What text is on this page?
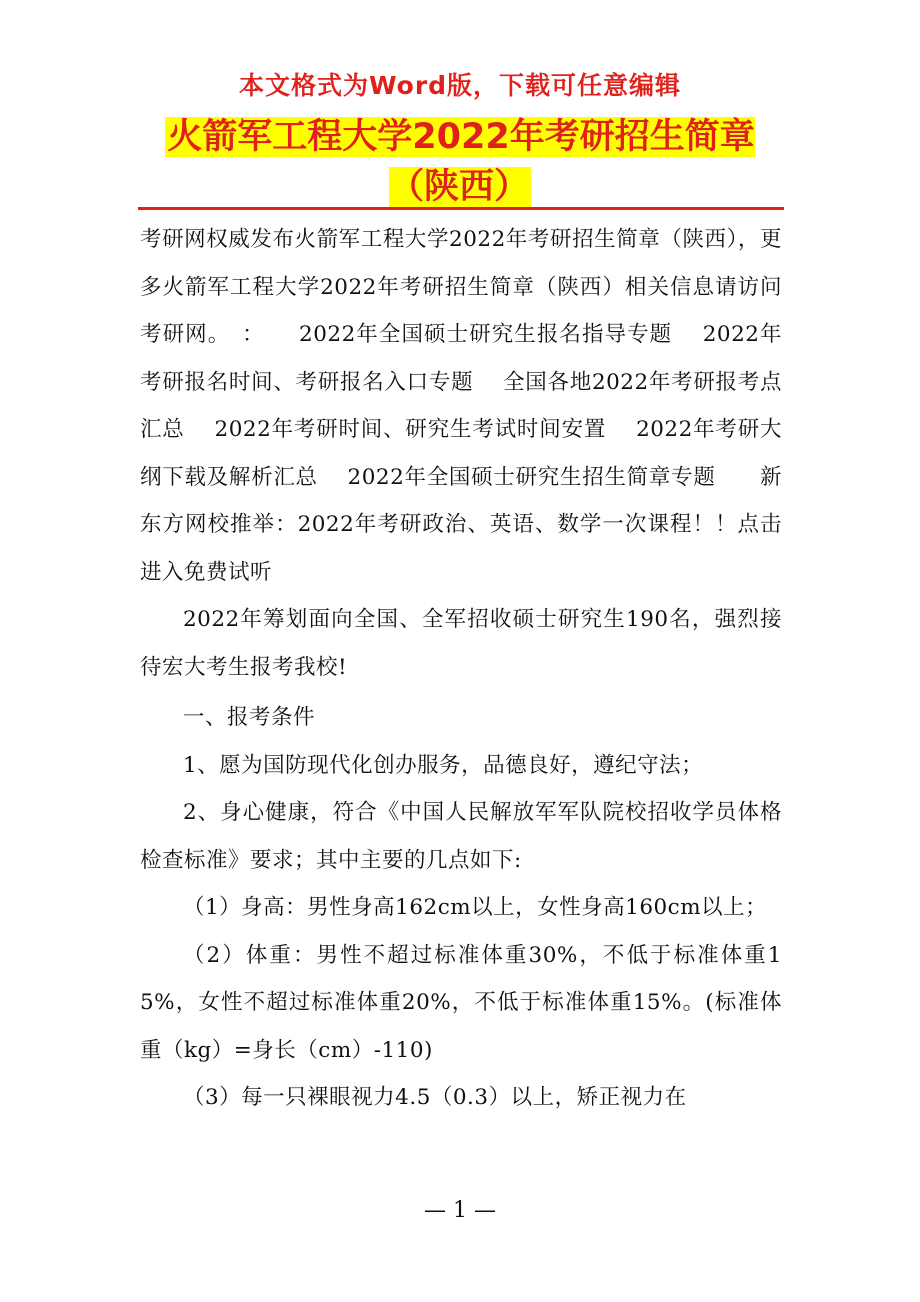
本文格式为Word版，下载可任意编辑
火箭军工程大学2022年考研招生简章（陕西）

考研网权威发布火箭军工程大学2022年考研招生简章（陕西），更多火箭军工程大学2022年考研招生简章（陕西）相关信息请访问考研网。　：　　2022年全国硕士研究生报名指导专题　 2022年考研报名时间、考研报名入口专题　 全国各地2022年考研报考点汇总　 2022年考研时间、研究生考试时间安置　 2022年考研大纲下载及解析汇总　 2022年全国硕士研究生招生简章专题　　新东方网校推举：2022年考研政治、英语、数学一次课程！！点击进入免费试听

2022年筹划面向全国、全军招收硕士研究生190名，强烈接待宏大考生报考我校!

一、报考条件

1、愿为国防现代化创办服务，品德良好，遵纪守法；

2、身心健康，符合《中国人民解放军军队院校招收学员体格检查标准》要求；其中主要的几点如下:

（1）身高：男性身高162cm以上，女性身高160cm以上；

（2）体重：男性不超过标准体重30%，不低于标准体重15%，女性不超过标准体重20%，不低于标准体重15%。(标准体重（kg）=身长（cm）-110)

（3）每一只裸眼视力4.5（0.3）以上，矫正视力在

— 1 —
